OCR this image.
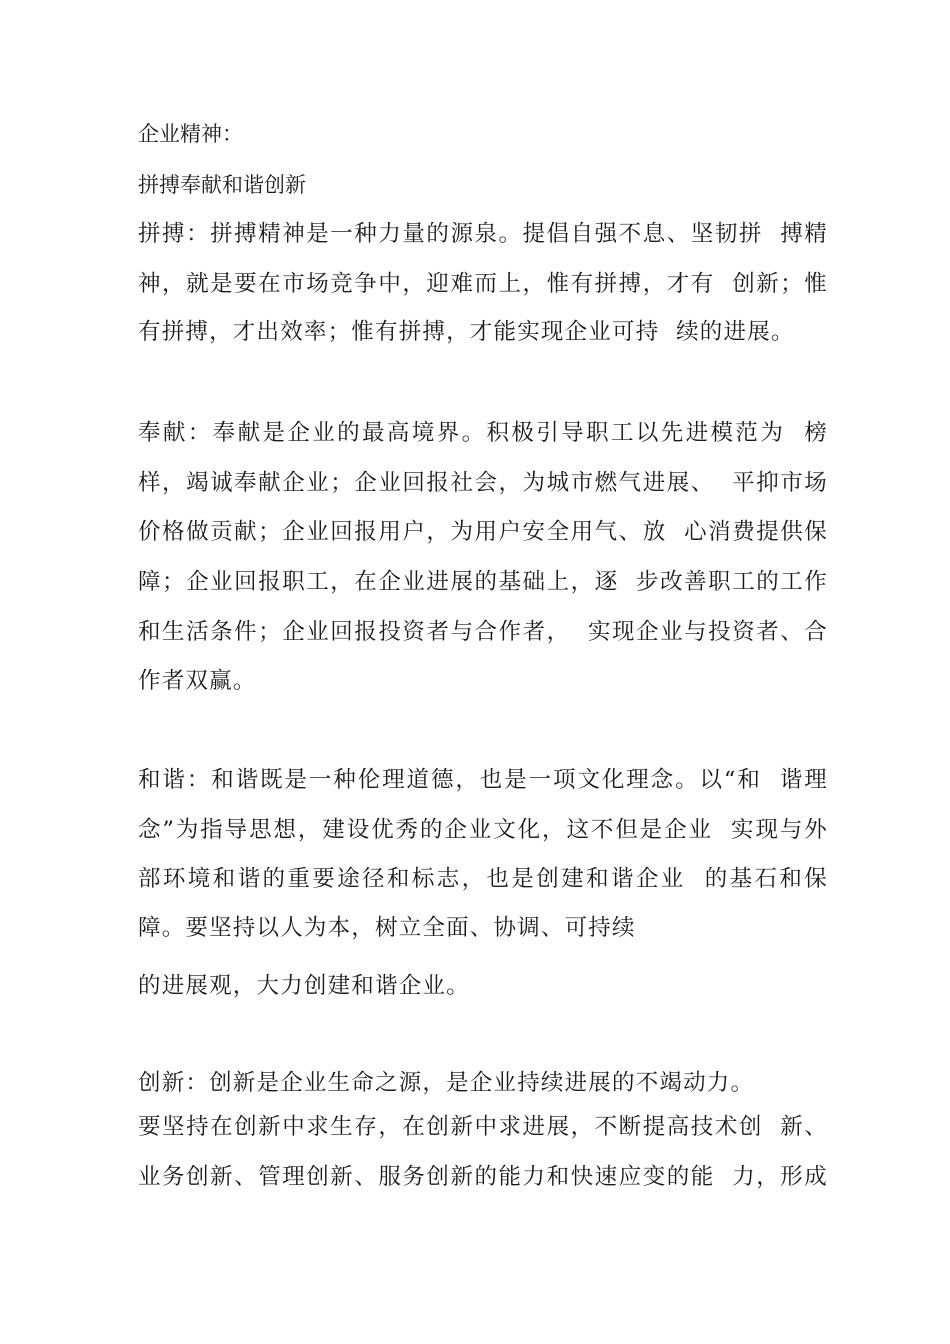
企业精神：
拼搏奉献和谐创新
拼搏：拼搏精神是一种力量的源泉。提倡自强不息、坚韧拼  搏精
神，就是要在市场竞争中，迎难而上，惟有拼搏，才有  创新；惟
有拼搏，才出效率；惟有拼搏，才能实现企业可持  续的进展。
奉献：奉献是企业的最高境界。积极引导职工以先进模范为  榜
样，竭诚奉献企业；企业回报社会，为城市燃气进展、  平抑市场
价格做贡献；企业回报用户，为用户安全用气、放  心消费提供保
障；企业回报职工，在企业进展的基础上，逐  步改善职工的工作
和生活条件；企业回报投资者与合作者，  实现企业与投资者、合
作者双赢。
和谐：和谐既是一种伦理道德，也是一项文化理念。以“和  谐理
念”为指导思想，建设优秀的企业文化，这不但是企业  实现与外
部环境和谐的重要途径和标志，也是创建和谐企业  的基石和保
障。要坚持以人为本，树立全面、协调、可持续
的进展观，大力创建和谐企业。
创新：创新是企业生命之源，是企业持续进展的不竭动力。
要坚持在创新中求生存，在创新中求进展，不断提高技术创  新、
业务创新、管理创新、服务创新的能力和快速应变的能  力，形成
